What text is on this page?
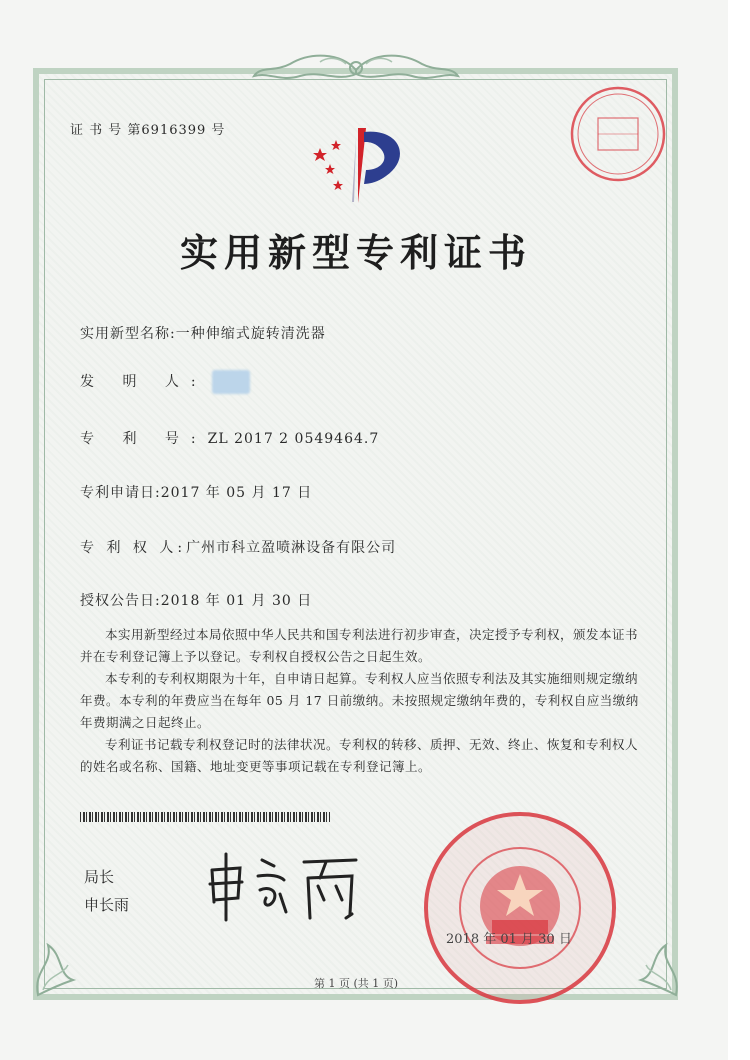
证 书 号 第6916399 号
实用新型专利证书
实用新型名称:一种伸缩式旋转清洗器
发 明 人:
专 利 号:ZL 2017 2 0549464.7
专利申请日:2017 年 05 月 17 日
专 利 权 人:广州市科立盈喷淋设备有限公司
授权公告日:2018 年 01 月 30 日

本实用新型经过本局依照中华人民共和国专利法进行初步审查，决定授予专利权，颁发本证书并在专利登记簿上予以登记。专利权自授权公告之日起生效。

本专利的专利权期限为十年，自申请日起算。专利权人应当依照专利法及其实施细则规定缴纳年费。本专利的年费应当在每年 05 月 17 日前缴纳。未按照规定缴纳年费的，专利权自应当缴纳年费期满之日起终止。

专利证书记载专利权登记时的法律状况。专利权的转移、质押、无效、终止、恢复和专利权人的姓名或名称、国籍、地址变更等事项记载在专利登记簿上。

局长
申长雨
2018 年 01 月 30 日
第 1 页 (共 1 页)
